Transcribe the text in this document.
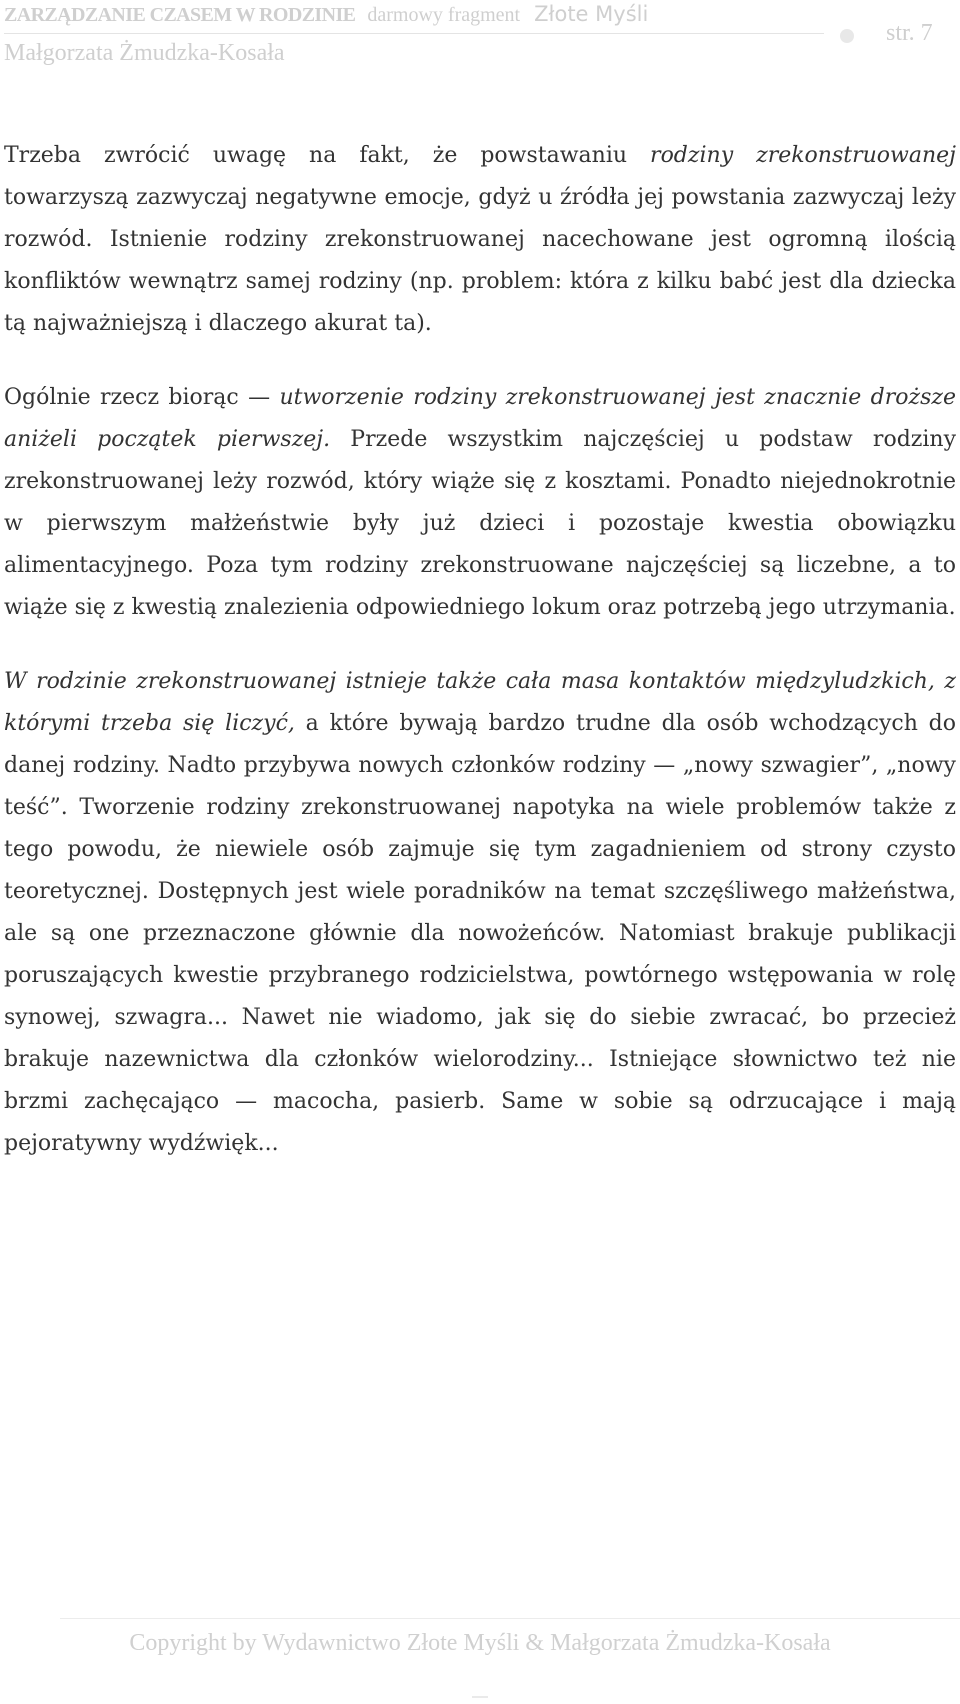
ZARZĄDZANIE CZASEM W RODZINIE darmowy fragment Złote Myśli
Małgorzata Żmudzka-Kosała
str. 7

Trzeba zwrócić uwagę na fakt, że powstawaniu rodziny zrekonstruowanej towarzyszą zazwyczaj negatywne emocje, gdyż u źródła jej powstania zazwyczaj leży rozwód. Istnienie rodziny zrekonstruowanej nacechowane jest ogromną ilością konfliktów wewnątrz samej rodziny (np. problem: która z kilku babć jest dla dziecka tą najważniejszą i dlaczego akurat ta).

Ogólnie rzecz biorąc — utworzenie rodziny zrekonstruowanej jest znacznie droższe aniżeli początek pierwszej. Przede wszystkim najczęściej u podstaw rodziny zrekonstruowanej leży rozwód, który wiąże się z kosztami. Ponadto niejednokrotnie w pierwszym małżeństwie były już dzieci i pozostaje kwestia obowiązku alimentacyjnego. Poza tym rodziny zrekonstruowane najczęściej są liczebne, a to wiąże się z kwestią znalezienia odpowiedniego lokum oraz potrzebą jego utrzymania.

W rodzinie zrekonstruowanej istnieje także cała masa kontaktów międzyludzkich, z którymi trzeba się liczyć, a które bywają bardzo trudne dla osób wchodzących do danej rodziny. Nadto przybywa nowych członków rodziny — „nowy szwagier”, „nowy teść”. Tworzenie rodziny zrekonstruowanej napotyka na wiele problemów także z tego powodu, że niewiele osób zajmuje się tym zagadnieniem od strony czysto teoretycznej. Dostępnych jest wiele poradników na temat szczęśliwego małżeństwa, ale są one przeznaczone głównie dla nowożeńców. Natomiast brakuje publikacji poruszających kwestie przybranego rodzicielstwa, powtórnego wstępowania w rolę synowej, szwagra... Nawet nie wiadomo, jak się do siebie zwracać, bo przecież brakuje nazewnictwa dla członków wielorodziny... Istniejące słownictwo też nie brzmi zachęcająco — macocha, pasierb. Same w sobie są odrzucające i mają pejoratywny wydźwięk...

Copyright by Wydawnictwo Złote Myśli & Małgorzata Żmudzka-Kosała
